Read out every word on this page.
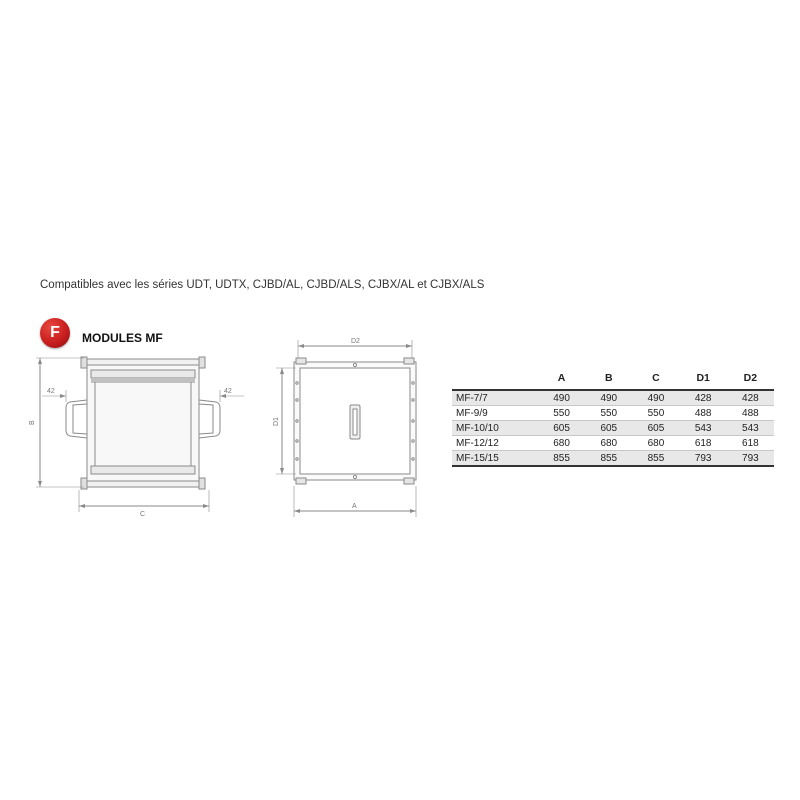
Compatibles avec les séries UDT, UDTX, CJBD/AL, CJBD/ALS, CJBX/AL et CJBX/ALS
F	MODULES MF
B
C
42	42
D2
D1
A
	A	B	C	D1	D2
MF-7/7	490	490	490	428	428
MF-9/9	550	550	550	488	488
MF-10/10	605	605	605	543	543
MF-12/12	680	680	680	618	618
MF-15/15	855	855	855	793	793
